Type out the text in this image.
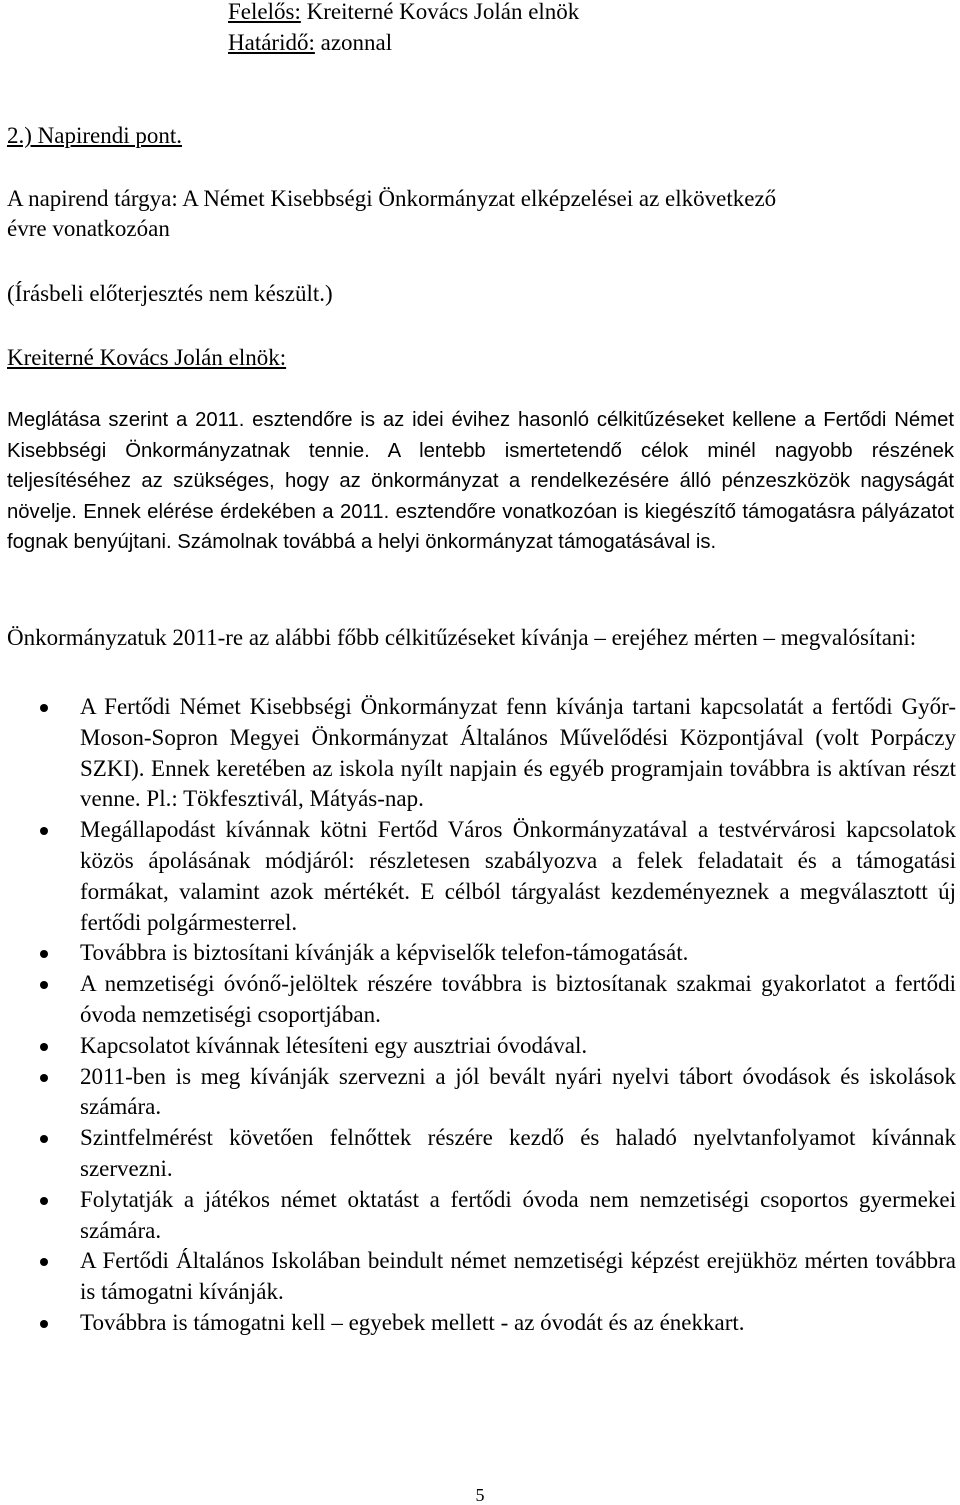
Felelős: Kreiterné Kovács Jolán elnök

Határidő: azonnal

2.) Napirendi pont.

A napirend tárgya: A Német Kisebbségi Önkormányzat elképzelései az elkövetkező

évre vonatkozóan

(Írásbeli előterjesztés nem készült.)

Kreiterné Kovács Jolán elnök:

Meglátása szerint a 2011. esztendőre is az idei évihez hasonló célkitűzéseket kellene a Fertődi Német Kisebbségi Önkormányzatnak tennie. A lentebb ismertetendő célok minél nagyobb részének teljesítéséhez az szükséges, hogy az önkormányzat a rendelkezésére álló pénzeszközök nagyságát növelje. Ennek elérése érdekében a 2011. esztendőre vonatkozóan is kiegészítő támogatásra pályázatot fognak benyújtani. Számolnak továbbá a helyi önkormányzat támogatásával is.

Önkormányzatuk 2011-re az alábbi főbb célkitűzéseket kívánja – erejéhez mérten – megvalósítani:

A Fertődi Német Kisebbségi Önkormányzat fenn kívánja tartani kapcsolatát a fertődi Győr-Moson-Sopron Megyei Önkormányzat Általános Művelődési Központjával (volt Porpáczy SZKI). Ennek keretében az iskola nyílt napjain és egyéb programjain továbbra is aktívan részt venne. Pl.: Tökfesztivál, Mátyás-nap.
Megállapodást kívánnak kötni Fertőd Város Önkormányzatával a testvérvárosi kapcsolatok közös ápolásának módjáról: részletesen szabályozva a felek feladatait és a támogatási formákat, valamint azok mértékét. E célból tárgyalást kezdeményeznek a megválasztott új fertődi polgármesterrel.
Továbbra is biztosítani kívánják a képviselők telefon-támogatását.
A nemzetiségi óvónő-jelöltek részére továbbra is biztosítanak szakmai gyakorlatot a fertődi óvoda nemzetiségi csoportjában.
Kapcsolatot kívánnak létesíteni egy ausztriai óvodával.
2011-ben is meg kívánják szervezni a jól bevált nyári nyelvi tábort óvodások és iskolások számára.
Szintfelmérést követően felnőttek részére kezdő és haladó nyelvtanfolyamot kívánnak szervezni.
Folytatják a játékos német oktatást a fertődi óvoda nem nemzetiségi csoportos gyermekei számára.
A Fertődi Általános Iskolában beindult német nemzetiségi képzést erejükhöz mérten továbbra is támogatni kívánják.
Továbbra is támogatni kell – egyebek mellett - az óvodát és az énekkart.
5
